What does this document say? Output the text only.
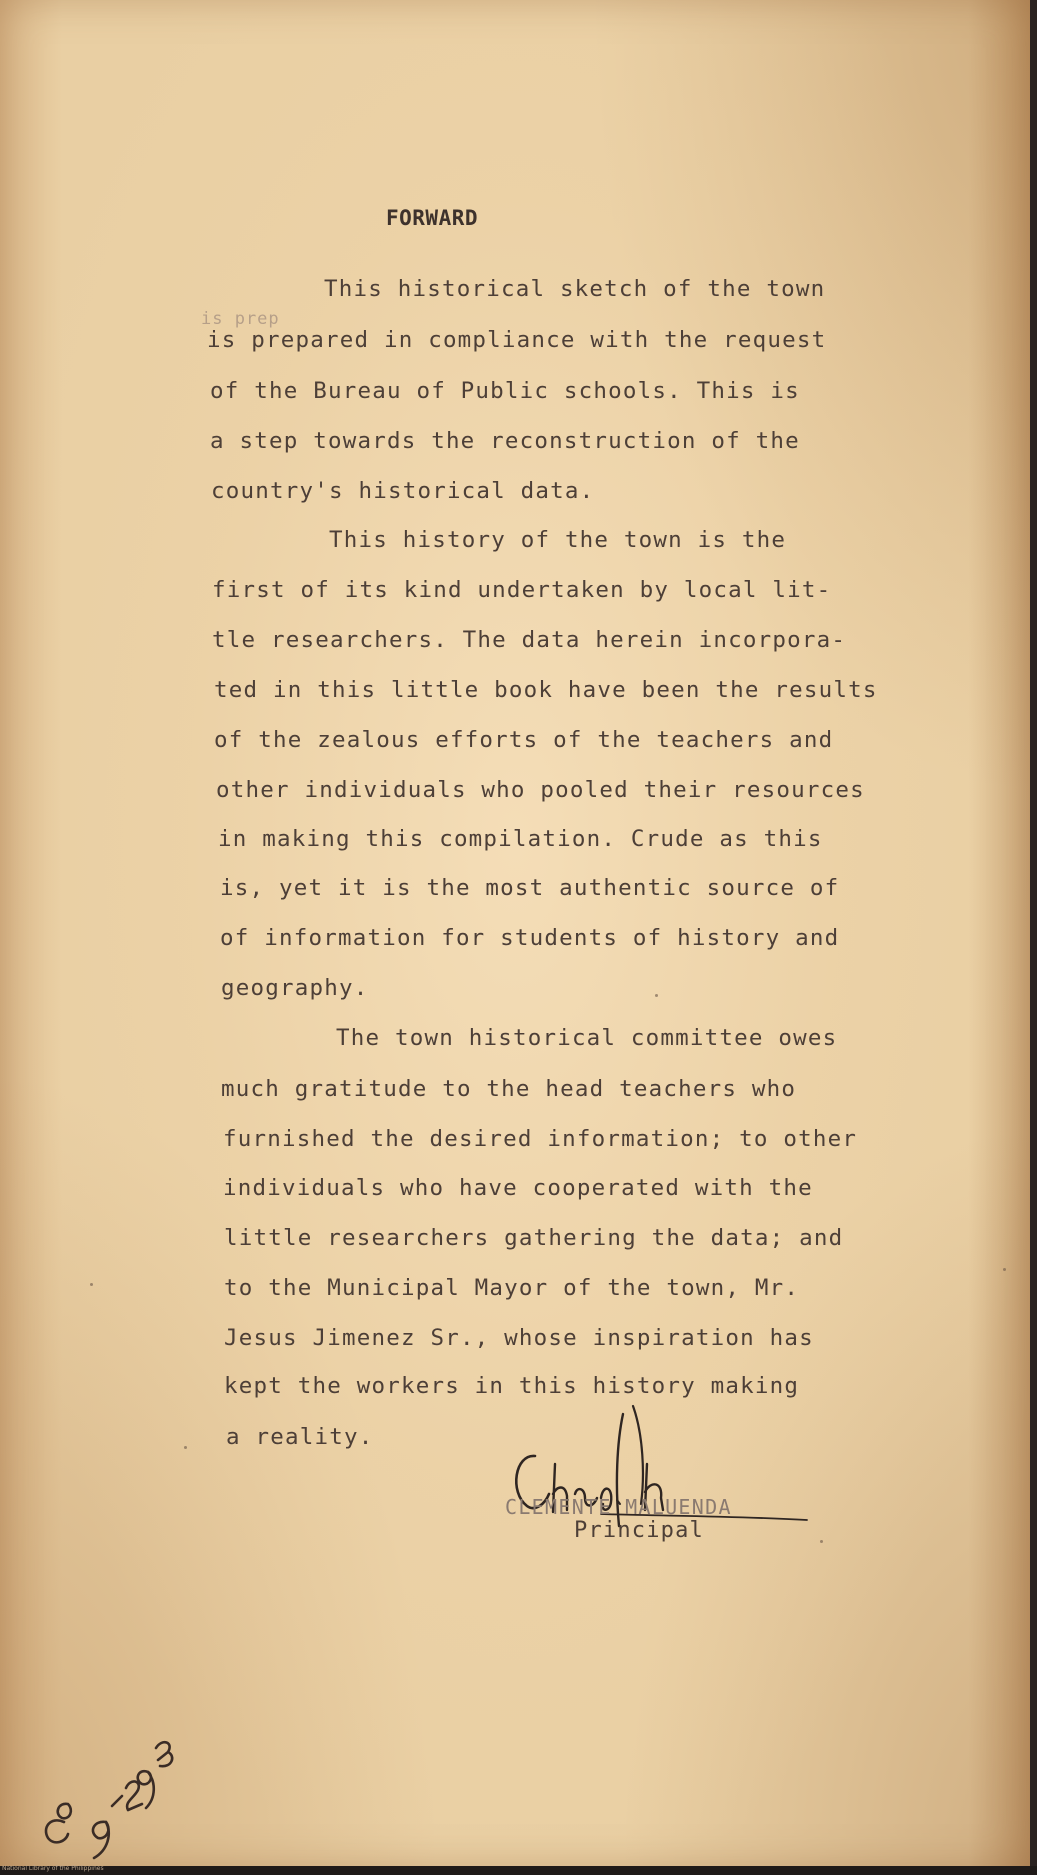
FORWARD
is prep
This historical sketch of the town
is prepared in compliance with the request
of the Bureau of Public schools. This is
a step towards the reconstruction of the
country's historical data.
This history of the town is the
first of its kind undertaken by local lit-
tle researchers. The data herein incorpora-
ted in this little book have been the results
of the zealous efforts of the teachers and
other individuals who pooled their resources
in making this compilation. Crude as this
is, yet it is the most authentic source of
of information for students of history and
geography.
The town historical committee owes
much gratitude to the head teachers who
furnished the desired information; to other
individuals who have cooperated with the
little researchers gathering the data; and
to the Municipal Mayor of the town, Mr.
Jesus Jimenez Sr., whose inspiration has
kept the workers in this history making
a reality.
CLEMENTE MALUENDA
Principal
National Library of the Philippines
